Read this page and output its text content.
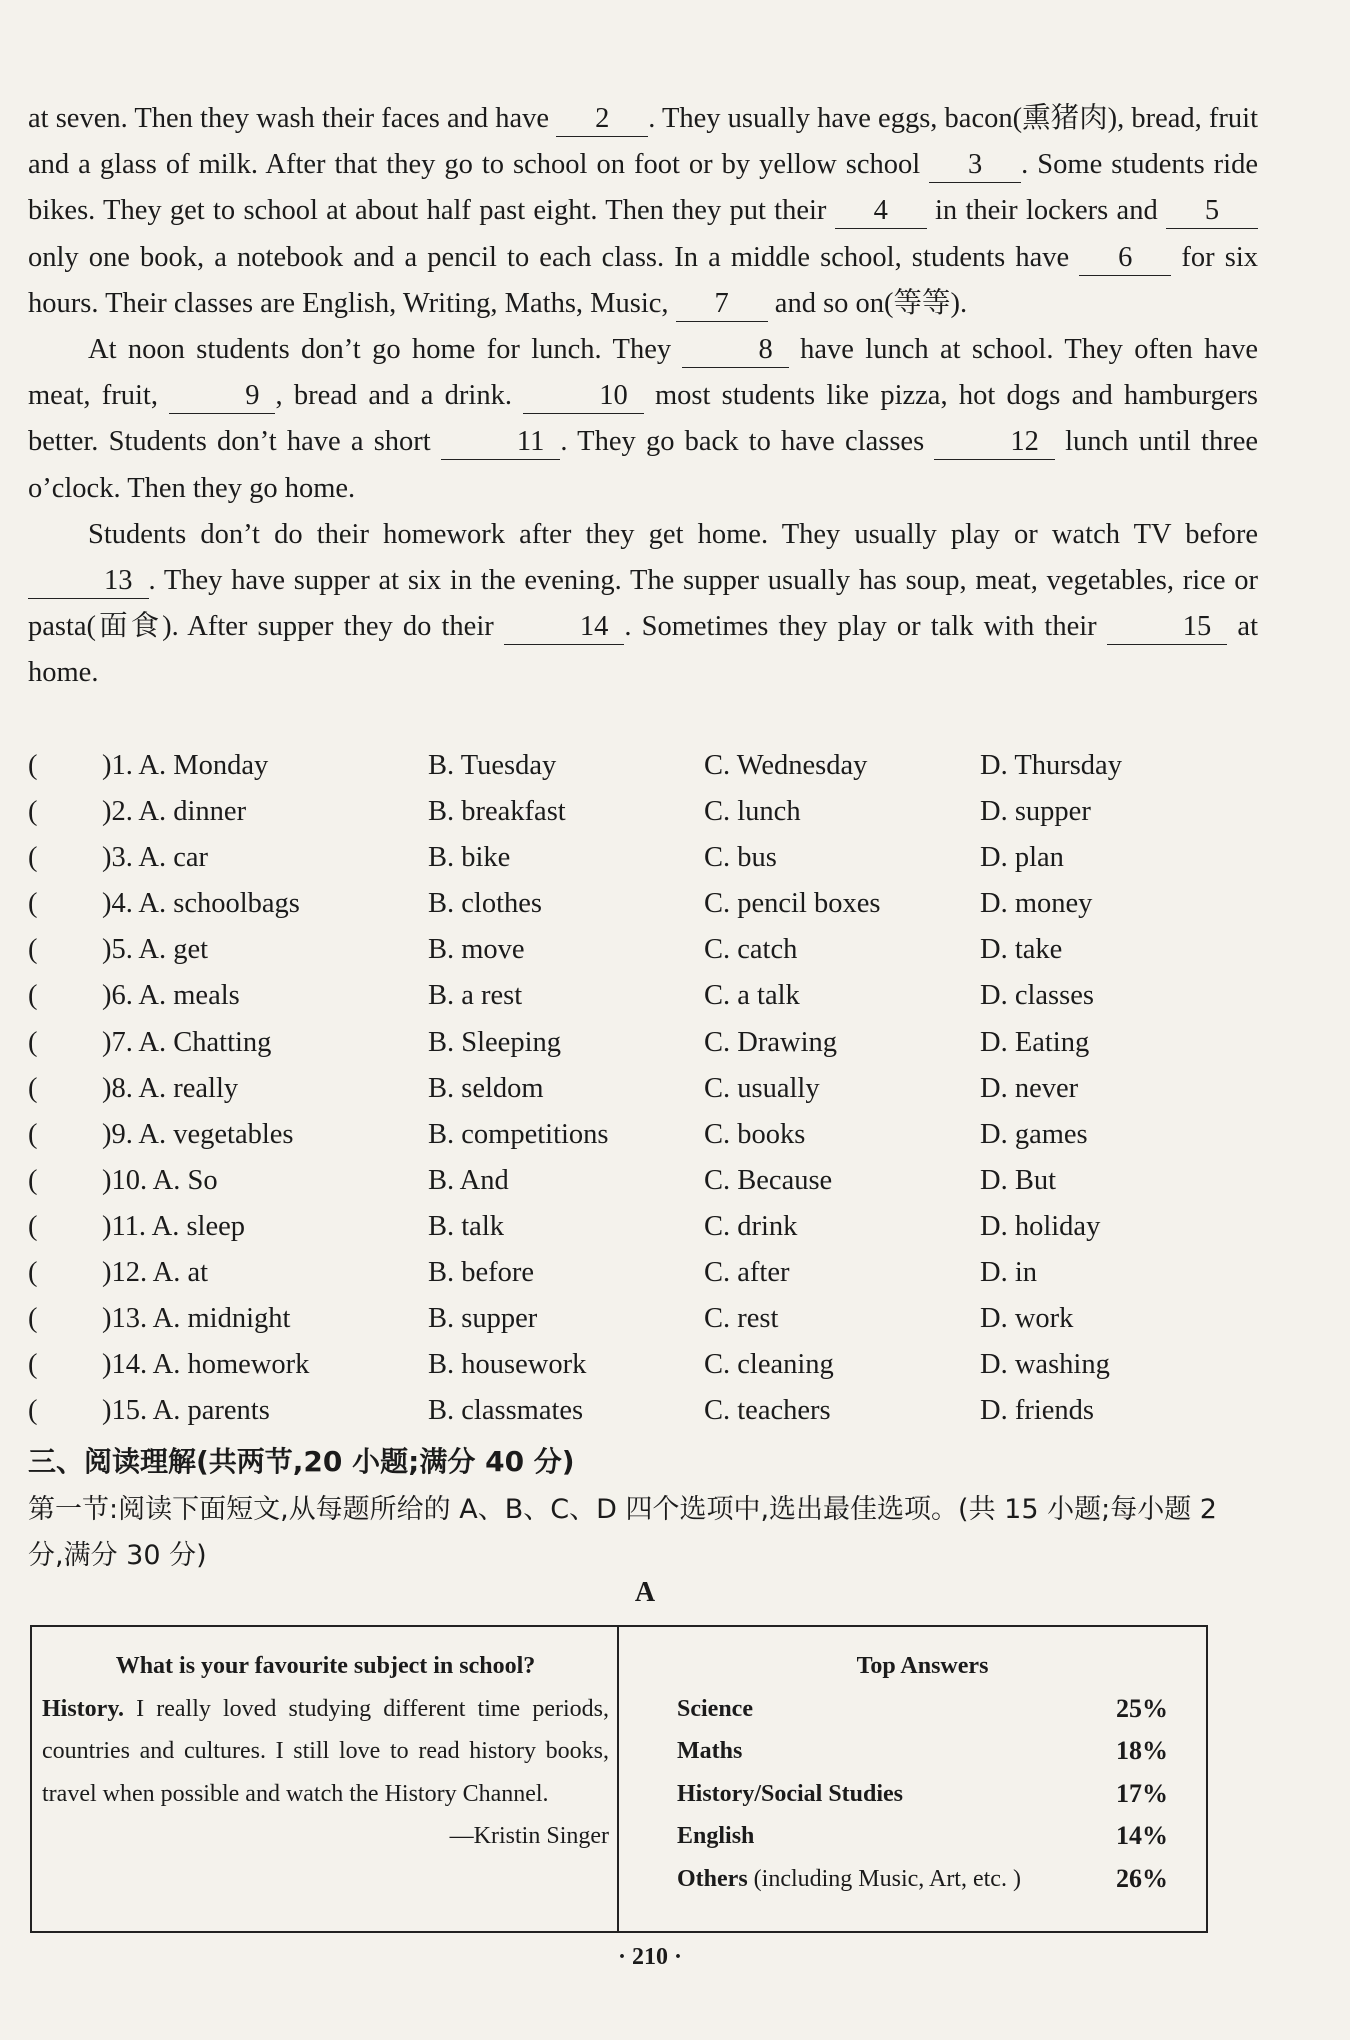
at seven. Then they wash their faces and have 2 . They usually have eggs, bacon(熏猪肉), bread, fruit and a glass of milk. After that they go to school on foot or by yellow school 3 . Some students ride bikes. They get to school at about half past eight. Then they put their 4 in their lockers and 5 only one book, a notebook and a pencil to each class. In a middle school, students have 6 for six hours. Their classes are English, Writing, Maths, Music, 7 and so on(等等).

At noon students don’t go home for lunch. They	8 have lunch at school. They often have meat, fruit,	9 , bread and a drink.	10 most students like pizza, hot dogs and hamburgers better. Students don’t have a short	11 . They go back to have classes	12 lunch until three o’clock. Then they go home.

Students don’t do their homework after they get home. They usually play or watch TV before 13 . They have supper at six in the evening. The supper usually has soup, meat, vegetables, rice or pasta(面食). After supper they do their	14 . Sometimes they play or talk with their	15 at home.

( )1. A. Monday	B. Tuesday	C. Wednesday	D. Thursday
( )2. A. dinner	B. breakfast	C. lunch	D. supper
( )3. A. car	B. bike	C. bus	D. plan
( )4. A. schoolbags	B. clothes	C. pencil boxes	D. money
( )5. A. get	B. move	C. catch	D. take
( )6. A. meals	B. a rest	C. a talk	D. classes
( )7. A. Chatting	B. Sleeping	C. Drawing	D. Eating
( )8. A. really	B. seldom	C. usually	D. never
( )9. A. vegetables	B. competitions	C. books	D. games
( )10. A. So	B. And	C. Because	D. But
( )11. A. sleep	B. talk	C. drink	D. holiday
( )12. A. at	B. before	C. after	D. in
( )13. A. midnight	B. supper	C. rest	D. work
( )14. A. homework	B. housework	C. cleaning	D. washing
( )15. A. parents	B. classmates	C. teachers	D. friends
三、阅读理解(共两节,20 小题;满分 40 分)
第一节:阅读下面短文,从每题所给的 A、B、C、D 四个选项中,选出最佳选项。(共 15 小题;每小题 2 分,满分 30 分)
A
What is your favourite subject in school?
History. I really loved studying different time periods, countries and cultures. I still love to read history books, travel when possible and watch the History Channel.
—Kristin Singer
Top Answers
Science	25%
Maths	18%
History/Social Studies	17%
English	14%
Others (including Music, Art, etc. )	26%
· 210 ·
